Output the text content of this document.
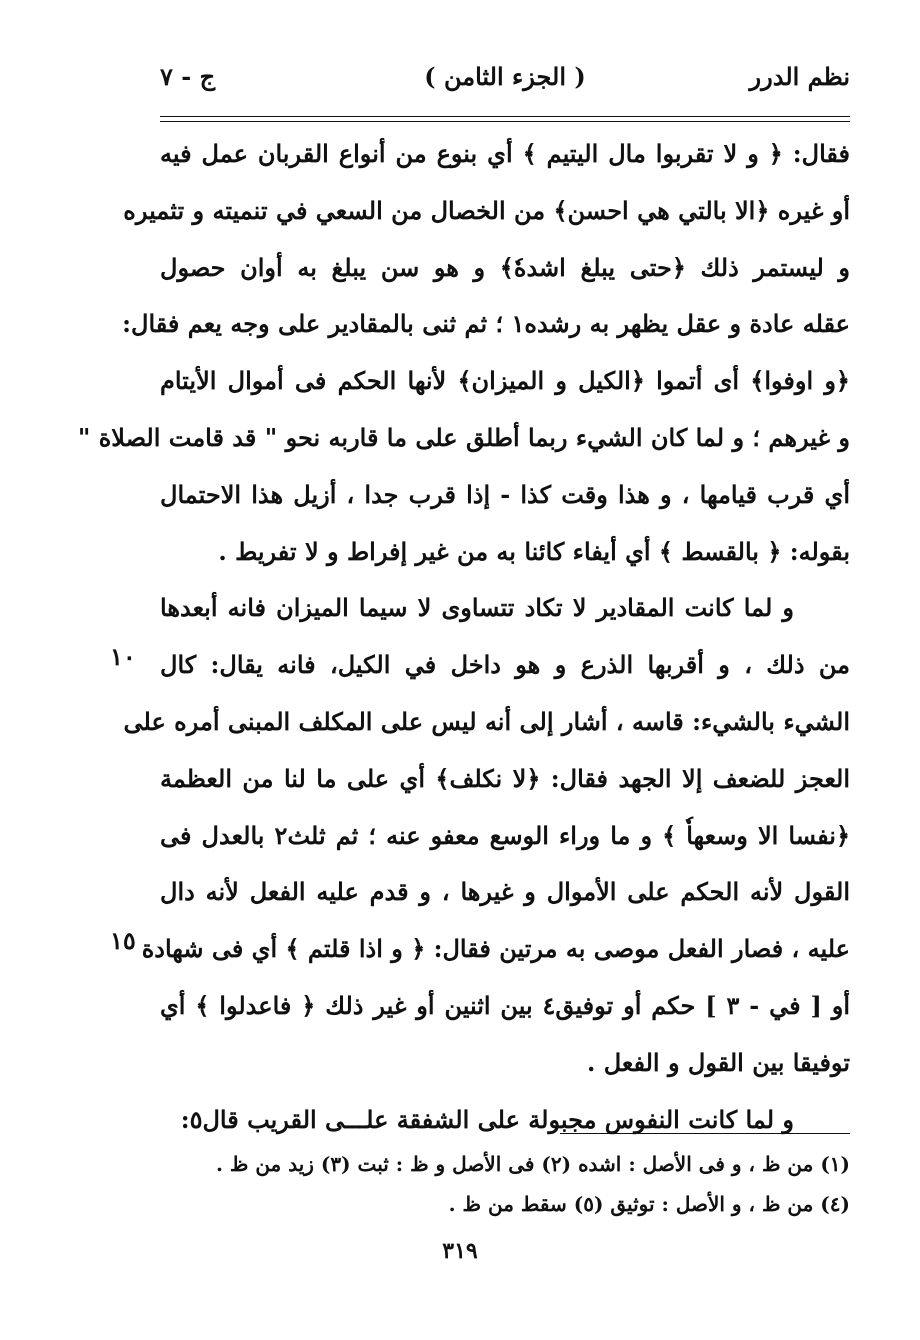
نظم الدرر
( الجزء الثامن )
ج - ٧
فقال: ﴿ و لا تقربوا مال اليتيم ﴾ أي بنوع من أنواع القربان عمل فيه
أو غيره ﴿الا بالتي هي احسن﴾ من الخصال من السعي في تنميته و تثميره
و ليستمر ذلك ﴿حتى يبلغ اشدهٗ﴾ و هو سن يبلغ به أوان حصول
عقله عادة و عقل يظهر به رشده١ ؛ ثم ثنى بالمقادير على وجه يعم فقال:
﴿و اوفوا﴾ أى أتموا ﴿الكيل و الميزان﴾ لأنها الحكم فى أموال الأيتام
و غيرهم ؛ و لما كان الشيء ربما أطلق على ما قاربه نحو " قد قامت الصلاة "
أي قرب قيامها ، و هذا وقت كذا - إذا قرب جدا ، أزيل هذا الاحتمال
بقوله: ﴿ بالقسط ﴾ أي أيفاء كائنا به من غير إفراط و لا تفريط .
و لما كانت المقادير لا تكاد تتساوى لا سيما الميزان فانه أبعدها
من ذلك ، و أقربها الذرع و هو داخل في الكيل، فانه يقال: كال
الشيء بالشيء: قاسه ، أشار إلى أنه ليس على المكلف المبنى أمره على
العجز للضعف إلا الجهد فقال: ﴿لا نكلف﴾ أي على ما لنا من العظمة
﴿نفسا الا وسعهاٗ ﴾ و ما وراء الوسع معفو عنه ؛ ثم ثلث٢ بالعدل فى
القول لأنه الحكم على الأموال و غيرها ، و قدم عليه الفعل لأنه دال
عليه ، فصار الفعل موصى به مرتين فقال: ﴿ و اذا قلتم ﴾ أي فى شهادة
أو [ في - ٣ ] حكم أو توفيق٤ بين اثنين أو غير ذلك ﴿ فاعدلوا ﴾ أي
توفيقا بين القول و الفعل .
و لما كانت النفوس مجبولة على الشفقة علـــى القريب قال٥:
١٠
١٥
(١) من ظ ، و فى الأصل : اشده (٢) فى الأصل و ظ : ثبت (٣) زيد من ظ .
(٤) من ظ ، و الأصل : توثيق (٥) سقط من ظ .
٣١٩
